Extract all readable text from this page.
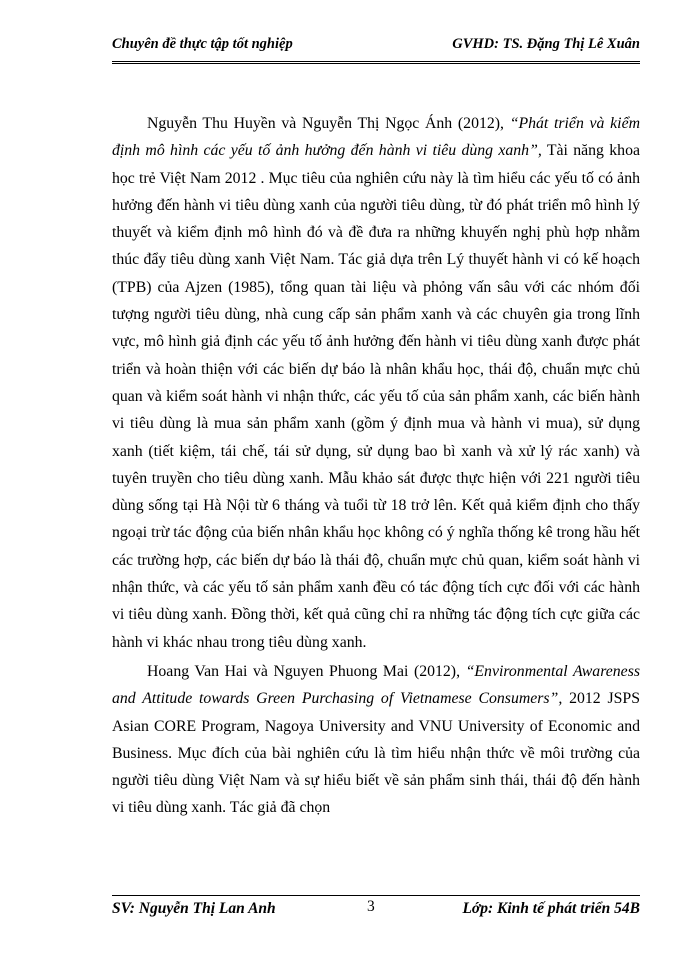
Chuyên đề thực tập tốt nghiệp	GVHD: TS. Đặng Thị Lê Xuân

Nguyễn Thu Huyền và Nguyễn Thị Ngọc Ánh (2012), “Phát triển và kiểm định mô hình các yếu tố ảnh hưởng đến hành vi tiêu dùng xanh”, Tài năng khoa học trẻ Việt Nam 2012 . Mục tiêu của nghiên cứu này là tìm hiểu các yếu tố có ảnh hưởng đến hành vi tiêu dùng xanh của người tiêu dùng, từ đó phát triển mô hình lý thuyết và kiểm định mô hình đó và đề đưa ra những khuyến nghị phù hợp nhằm thúc đẩy tiêu dùng xanh Việt Nam. Tác giả dựa trên Lý thuyết hành vi có kế hoạch (TPB) của Ajzen (1985), tổng quan tài liệu và phỏng vấn sâu với các nhóm đối tượng người tiêu dùng, nhà cung cấp sản phẩm xanh và các chuyên gia trong lĩnh vực, mô hình giả định các yếu tố ảnh hưởng đến hành vi tiêu dùng xanh được phát triển và hoàn thiện với các biến dự báo là nhân khẩu học, thái độ, chuẩn mực chủ quan và kiểm soát hành vi nhận thức, các yếu tố của sản phẩm xanh, các biến hành vi tiêu dùng là mua sản phẩm xanh (gồm ý định mua và hành vi mua), sử dụng xanh (tiết kiệm, tái chế, tái sử dụng, sử dụng bao bì xanh và xử lý rác xanh) và tuyên truyền cho tiêu dùng xanh. Mẫu khảo sát được thực hiện với 221 người tiêu dùng sống tại Hà Nội từ 6 tháng và tuổi từ 18 trở lên. Kết quả kiểm định cho thấy ngoại trừ tác động của biến nhân khẩu học không có ý nghĩa thống kê trong hầu hết các trường hợp, các biến dự báo là thái độ, chuẩn mực chủ quan, kiểm soát hành vi nhận thức, và các yếu tố sản phẩm xanh đều có tác động tích cực đối với các hành vi tiêu dùng xanh. Đồng thời, kết quả cũng chỉ ra những tác động tích cực giữa các hành vi khác nhau trong tiêu dùng xanh.

Hoang Van Hai và Nguyen Phuong Mai (2012), “Environmental Awareness and Attitude towards Green Purchasing of Vietnamese Consumers”, 2012 JSPS Asian CORE Program, Nagoya University and VNU University of Economic and Business. Mục đích của bài nghiên cứu là tìm hiểu nhận thức về môi trường của người tiêu dùng Việt Nam và sự hiểu biết về sản phẩm sinh thái, thái độ đến hành vi tiêu dùng xanh. Tác giả đã chọn

SV: Nguyễn Thị Lan Anh	3	Lớp: Kinh tế phát triển 54B
